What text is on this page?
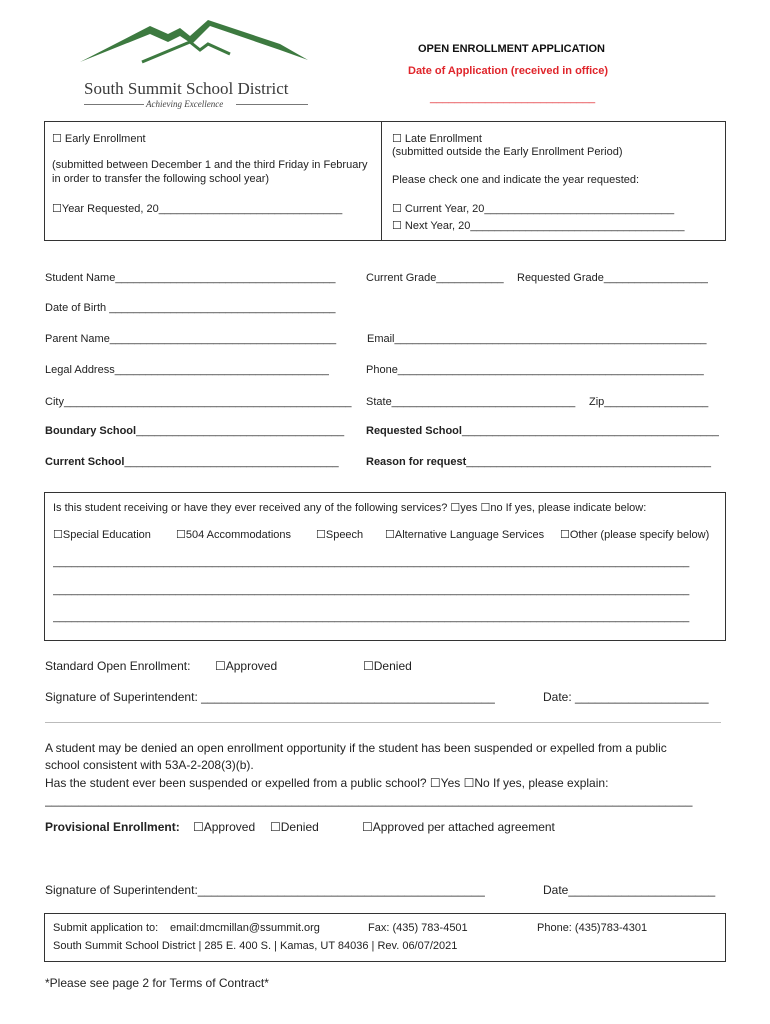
South Summit School District
Achieving Excellence
OPEN ENROLLMENT APPLICATION
Date of Application (received in office)
___________________________
☐ Early Enrollment
(submitted between December 1 and the third Friday in February
in order to transfer the following school year)
☐Year Requested, 20______________________________
☐ Late Enrollment
(submitted outside the Early Enrollment Period)
Please check one and indicate the year requested:
☐ Current Year, 20_______________________________
☐ Next Year, 20___________________________________
Student Name____________________________________	Current Grade___________ Requested Grade_________________
Date of Birth _____________________________________
Parent Name_____________________________________	Email___________________________________________________
Legal Address___________________________________	Phone__________________________________________________
City_______________________________________________ State______________________________ Zip_________________
Boundary School__________________________________ Requested School__________________________________________
Current School___________________________________ Reason for request________________________________________
Is this student receiving or have they ever received any of the following services? ☐yes ☐no If yes, please indicate below:
☐Special Education ☐504 Accommodations ☐Speech ☐Alternative Language Services ☐Other (please specify below)
________________________________________________________________________________________________________
________________________________________________________________________________________________________
________________________________________________________________________________________________________
Standard Open Enrollment: ☐Approved	☐Denied
Signature of Superintendent: ____________________________________________	Date: ____________________
A student may be denied an open enrollment opportunity if the student has been suspended or expelled from a public
school consistent with 53A-2-208(3)(b).
Has the student ever been suspended or expelled from a public school? ☐Yes ☐No If yes, please explain:
_________________________________________________________________________________________________
Provisional Enrollment: ☐Approved ☐Denied	☐Approved per attached agreement
Signature of Superintendent:___________________________________________	Date______________________
Submit application to: email:dmcmillan@ssummit.org	Fax: (435) 783-4501	Phone: (435)783-4301
South Summit School District | 285 E. 400 S. | Kamas, UT 84036 | Rev. 06/07/2021
*Please see page 2 for Terms of Contract*
